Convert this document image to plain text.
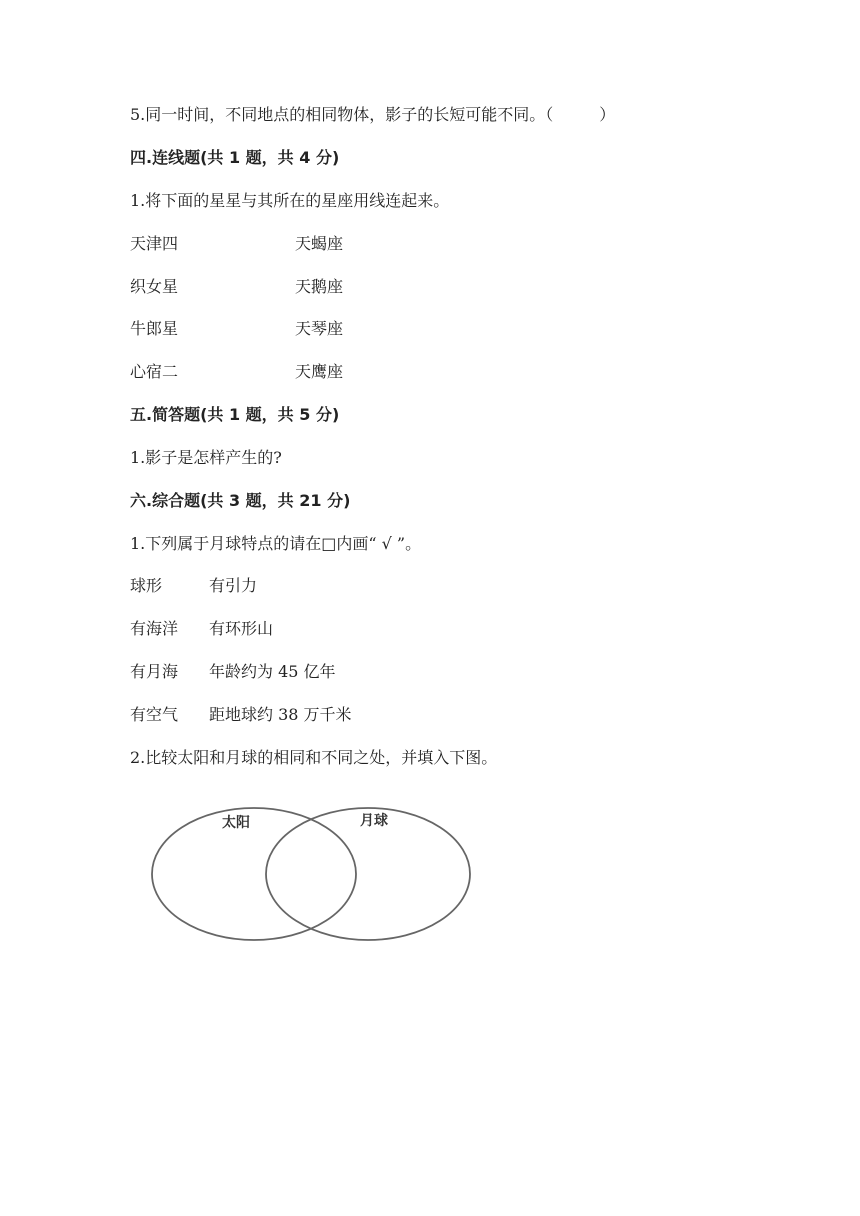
5.同一时间，不同地点的相同物体，影子的长短可能不同。（	）
四.连线题(共 1 题，共 4 分)
1.将下面的星星与其所在的星座用线连起来。
天津四	天蝎座
织女星	天鹅座
牛郎星	天琴座
心宿二	天鹰座
五.简答题(共 1 题，共 5 分)
1.影子是怎样产生的?
六.综合题(共 3 题，共 21 分)
1.下列属于月球特点的请在□内画“ √ ”。
球形	有引力
有海洋 有环形山
有月海 年龄约为 45 亿年
有空气 距地球约 38 万千米
2.比较太阳和月球的相同和不同之处，并填入下图。
太阳	月球
